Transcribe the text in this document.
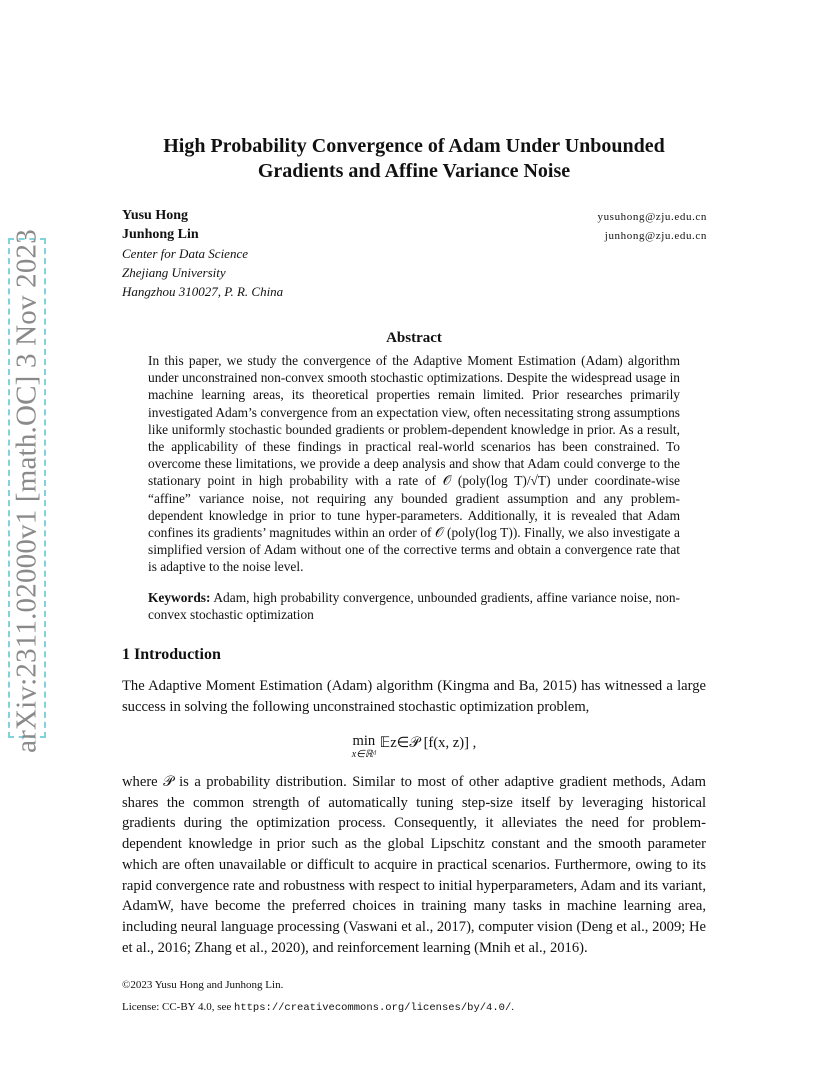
arXiv:2311.02000v1 [math.OC] 3 Nov 2023
High Probability Convergence of Adam Under Unbounded
Gradients and Affine Variance Noise
Yusu Hong	yusuhong@zju.edu.cn
Junhong Lin	junhong@zju.edu.cn
Center for Data Science
Zhejiang University
Hangzhou 310027, P. R. China
Abstract

In this paper, we study the convergence of the Adaptive Moment Estimation (Adam) algorithm under unconstrained non-convex smooth stochastic optimizations. Despite the widespread usage in machine learning areas, its theoretical properties remain limited. Prior researches primarily investigated Adam’s convergence from an expectation view, often necessitating strong assumptions like uniformly stochastic bounded gradients or problem-dependent knowledge in prior. As a result, the applicability of these findings in practical real-world scenarios has been constrained. To overcome these limitations, we provide a deep analysis and show that Adam could converge to the stationary point in high probability with a rate of 𝒪 (poly(log T)/√T) under coordinate-wise “affine” variance noise, not requiring any bounded gradient assumption and any problem-dependent knowledge in prior to tune hyper-parameters. Additionally, it is revealed that Adam confines its gradients’ magnitudes within an order of 𝒪 (poly(log T)). Finally, we also investigate a simplified version of Adam without one of the corrective terms and obtain a convergence rate that is adaptive to the noise level.

Keywords: Adam, high probability convergence, unbounded gradients, affine variance noise, non-convex stochastic optimization

1 Introduction

The Adaptive Moment Estimation (Adam) algorithm (Kingma and Ba, 2015) has witnessed a large success in solving the following unconstrained stochastic optimization problem,

min
x∈ℝᵈ
𝔼z∈𝒫 [f(x, z)] ,

where 𝒫 is a probability distribution. Similar to most of other adaptive gradient methods, Adam shares the common strength of automatically tuning step-size itself by leveraging historical gradients during the optimization process. Consequently, it alleviates the need for problem-dependent knowledge in prior such as the global Lipschitz constant and the smooth parameter which are often unavailable or difficult to acquire in practical scenarios. Furthermore, owing to its rapid convergence rate and robustness with respect to initial hyperparameters, Adam and its variant, AdamW, have become the preferred choices in training many tasks in machine learning area, including neural language processing (Vaswani et al., 2017), computer vision (Deng et al., 2009; He et al., 2016; Zhang et al., 2020), and reinforcement learning (Mnih et al., 2016).

©2023 Yusu Hong and Junhong Lin.
License: CC-BY 4.0, see https://creativecommons.org/licenses/by/4.0/.
